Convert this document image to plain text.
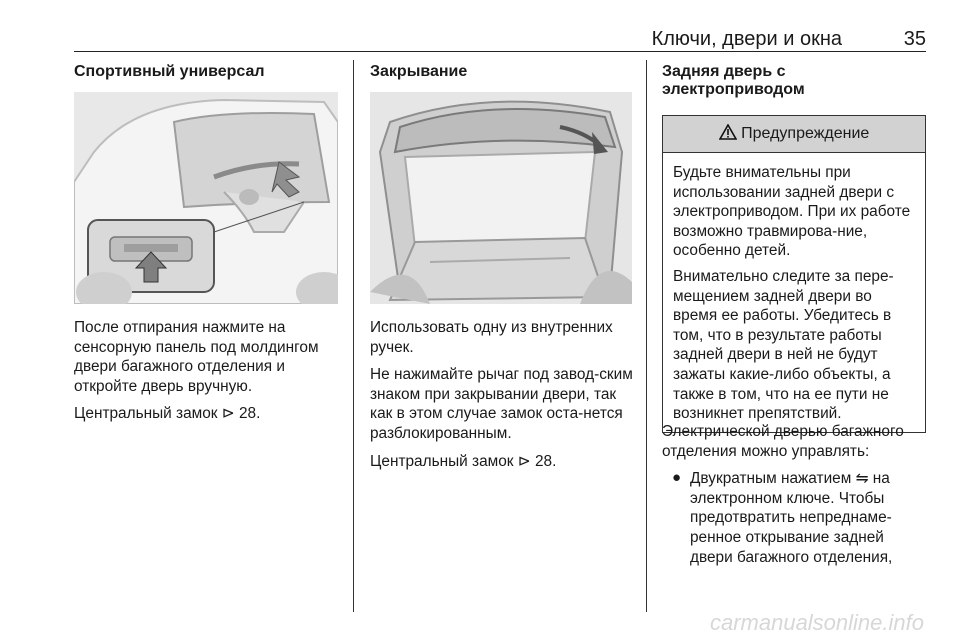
Ключи, двери и окна	35

Спортивный универсал

После отпирания нажмите на сенсорную панель под молдингом двери багажного отделения и откройте дверь вручную.

Центральный замок ⊳ 28.

Закрывание

Использовать одну из внутренних ручек.

Не нажимайте рычаг под завод-ским знаком при закрывании двери, так как в этом случае замок оста-нется разблокированным.

Центральный замок ⊳ 28.

Задняя дверь с

электроприводом

Предупреждение

Будьте внимательны при использовании задней двери с электроприводом. При их работе возможно травмирова-ние, особенно детей.

Внимательно следите за пере-мещением задней двери во время ее работы. Убедитесь в том, что в результате работы задней двери в ней не будут зажаты какие-либо объекты, а также в том, что на ее пути не возникнет препятствий.

Электрической дверью багажного отделения можно управлять:

● Двукратным нажатием ⇋ на электронном ключе. Чтобы предотвратить непреднаме-ренное открывание задней двери багажного отделения,

carmanualsonline.info
